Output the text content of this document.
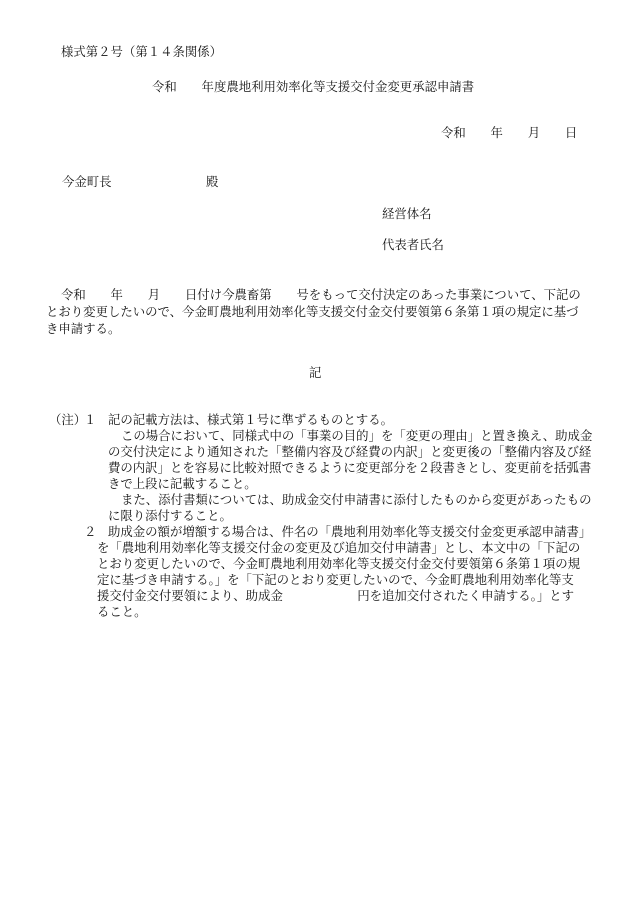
様式第２号（第１４条関係）
令和　　年度農地利用効率化等支援交付金変更承認申請書
令和　　年　　月　　日
今金町長	殿
経営体名
代表者氏名
令和　　年　　月　　日付け今農畜第　　号をもって交付決定のあった事業について、下記の
とおり変更したいので、今金町農地利用効率化等支援交付金交付要領第６条第１項の規定に基づ
き申請する。
記
（注）
１ 記の記載方法は、様式第１号に準ずるものとする。
この場合において、同様式中の「事業の目的」を「変更の理由」と置き換え、助成金
の交付決定により通知された「整備内容及び経費の内訳」と変更後の「整備内容及び経
費の内訳」とを容易に比較対照できるように変更部分を２段書きとし、変更前を括弧書
きで上段に記載すること。
また、添付書類については、助成金交付申請書に添付したものから変更があったもの
に限り添付すること。
２ 助成金の額が増額する場合は、件名の「農地利用効率化等支援交付金変更承認申請書」
を「農地利用効率化等支援交付金の変更及び追加交付申請書」とし、本文中の「下記の
とおり変更したいので、今金町農地利用効率化等支援交付金交付要領第６条第１項の規
定に基づき申請する。」を「下記のとおり変更したいので、今金町農地利用効率化等支
援交付金交付要領により、助成金　　　　　　円を追加交付されたく申請する。」とす
ること。
